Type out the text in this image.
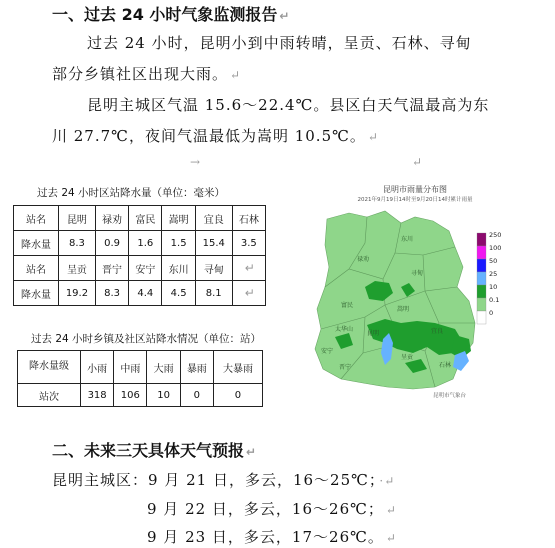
一、过去 24 小时气象监测报告 ↵
过去 24 小时，昆明小到中雨转晴，呈贡、石林、寻甸
部分乡镇社区出现大雨。 ↵
昆明主城区气温 15.6～22.4℃。县区白天气温最高为东
川 27.7℃，夜间气温最低为嵩明 10.5℃。 ↵
→	↵
过去 24 小时区站降水量（单位：毫米）
站名	昆明	禄劝	富民	嵩明	宜良	石林
降水量	8.3	0.9	1.6	1.5	15.4	3.5
站名	呈贡	晋宁	安宁	东川	寻甸	↵
降水量	19.2	8.3	4.4	4.5	8.1	↵
过去 24 小时乡镇及社区站降水情况（单位：站）
降水量级	小雨	中雨	大雨	暴雨	大暴雨
站次	318	106	10	0	0
昆明市雨量分布图
2021年9月19日14时至9月20日14时累计雨量
东川
禄劝
寻甸
富民
嵩明
太华山
昆明	宜良
安宁
晋宁
呈贡
石林
250
100
50
25
10
0.1
0
昆明市气象台
二、未来三天具体天气预报 ↵
昆明主城区：9 月 21 日，多云，16～25℃； ·↵
9 月 22 日，多云，16～26℃； ↵
9 月 23 日，多云，17～26℃。 ↵
